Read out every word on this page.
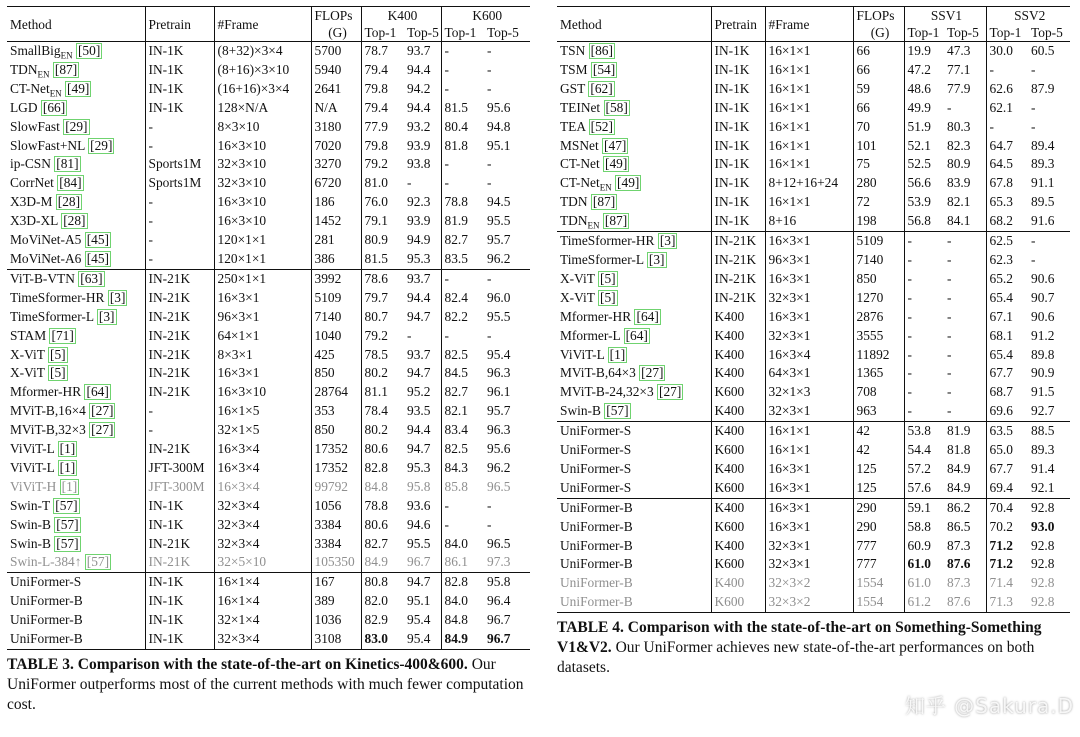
Method	Pretrain	#Frame	FLOPs	K400		K600	
			(G)	Top-1	Top-5	Top-1	Top-5
SmallBig$_{EN}$ [50]	IN-1K	(8+32)×3×4	5700	78.7	93.7	-	-
$TDN_{EN}$ [87]	IN-1K	(8+16)×3×10	5940	79.4	94.4	-	-
CT-Net$_{EN}$ [49]	IN-1K	(16+16)×3×4	2641	79.8	94.2	-	-
LGD [66]	IN-1K	128×N/A	N/A	79.4	94.4	81.5	95.6
SlowFast [29]	-	8×3×10	3180	77.9	93.2	80.4	94.8
SlowFast+NL [29]	-	16×3×10	7020	79.8	93.9	81.8	95.1
ip-CSN [81]	Sports1M	32×3×10	3270	79.2	93.8	-	-
CorrNet [84]	Sports1M	32×3×10	6720	81.0	-	-	-
X3D-M [28]	-	16×3×10	186	76.0	92.3	78.8	94.5
X3D-XL [28]	-	16×3×10	1452	79.1	93.9	81.9	95.5
MoViNet-A5 [45]	-	120×1×1	281	80.9	94.9	82.7	95.7
MoViNet-A6 [45]	-	120×1×1	386	81.5	95.3	83.5	96.2
ViT-B-VTN [63]	IN-21K	250×1×1	3992	78.6	93.7	-	-
TimeSformer-HR [3]	IN-21K	16×3×1	5109	79.7	94.4	82.4	96.0
TimeSformer-L [3]	IN-21K	96×3×1	7140	80.7	94.7	82.2	95.5
STAM [71]	IN-21K	64×1×1	1040	79.2	-	-	-
X-ViT [5]	IN-21K	8×3×1	425	78.5	93.7	82.5	95.4
X-ViT [5]	IN-21K	16×3×1	850	80.2	94.7	84.5	96.3
Mformer-HR [64]	IN-21K	16×3×10	28764	81.1	95.2	82.7	96.1
MViT-B,16×4 [27]	-	16×1×5	353	78.4	93.5	82.1	95.7
MViT-B,32×3 [27]	-	32×1×5	850	80.2	94.4	83.4	96.3
ViViT-L [1]	IN-21K	16×3×4	17352	80.6	94.7	82.5	95.6
ViViT-L [1]	JFT-300M	16×3×4	17352	82.8	95.3	84.3	96.2
ViViT-H [1]	JFT-300M	16×3×4	99792	84.8	95.8	85.8	96.5
Swin-T [57]	IN-1K	32×3×4	1056	78.8	93.6	-	-
Swin-B [57]	IN-1K	32×3×4	3384	80.6	94.6	-	-
Swin-B [57]	IN-21K	32×3×4	3384	82.7	95.5	84.0	96.5
Swin-L-384↑ [57]	IN-21K	32×5×10	105350	84.9	96.7	86.1	97.3
UniFormer-S	IN-1K	16×1×4	167	80.8	94.7	82.8	95.8
UniFormer-B	IN-1K	16×1×4	389	82.0	95.1	84.0	96.4
UniFormer-B	IN-1K	32×1×4	1036	82.9	95.4	84.8	96.7
UniFormer-B	IN-1K	32×3×4	3108	83.0	95.4	84.9	96.7
TABLE 3. Comparison with the state-of-the-art on Kinetics-400&600. Our UniFormer outperforms most of the current methods with much fewer computation cost.
Method	Pretrain	#Frame	FLOPs	SSV1		SSV2	
			(G)	Top-1	Top-5	Top-1	Top-5
TSN [86]	IN-1K	16×1×1	66	19.9	47.3	30.0	60.5
TSM [54]	IN-1K	16×1×1	66	47.2	77.1	-	-
GST [62]	IN-1K	16×1×1	59	48.6	77.9	62.6	87.9
TEINet [58]	IN-1K	16×1×1	66	49.9	-	62.1	-
TEA [52]	IN-1K	16×1×1	70	51.9	80.3	-	-
MSNet [47]	IN-1K	16×1×1	101	52.1	82.3	64.7	89.4
CT-Net [49]	IN-1K	16×1×1	75	52.5	80.9	64.5	89.3
CT-Net$_{EN}$ [49]	IN-1K	8+12+16+24	280	56.6	83.9	67.8	91.1
TDN [87]	IN-1K	16×1×1	72	53.9	82.1	65.3	89.5
$TDN_{EN}$ [87]	IN-1K	8+16	198	56.8	84.1	68.2	91.6
TimeSformer-HR [3]	IN-21K	16×3×1	5109	-	-	62.5	-
TimeSformer-L [3]	IN-21K	96×3×1	7140	-	-	62.3	-
X-ViT [5]	IN-21K	16×3×1	850	-	-	65.2	90.6
X-ViT [5]	IN-21K	32×3×1	1270	-	-	65.4	90.7
Mformer-HR [64]	K400	16×3×1	2876	-	-	67.1	90.6
Mformer-L [64]	K400	32×3×1	3555	-	-	68.1	91.2
ViViT-L [1]	K400	16×3×4	11892	-	-	65.4	89.8
MViT-B,64×3 [27]	K400	64×3×1	1365	-	-	67.7	90.9
MViT-B-24,32×3 [27]	K600	32×1×3	708	-	-	68.7	91.5
Swin-B [57]	K400	32×3×1	963	-	-	69.6	92.7
UniFormer-S	K400	16×1×1	42	53.8	81.9	63.5	88.5
UniFormer-S	K600	16×1×1	42	54.4	81.8	65.0	89.3
UniFormer-S	K400	16×3×1	125	57.2	84.9	67.7	91.4
UniFormer-S	K600	16×3×1	125	57.6	84.9	69.4	92.1
UniFormer-B	K400	16×3×1	290	59.1	86.2	70.4	92.8
UniFormer-B	K600	16×3×1	290	58.8	86.5	70.2	93.0
UniFormer-B	K400	32×3×1	777	60.9	87.3	71.2	92.8
UniFormer-B	K600	32×3×1	777	61.0	87.6	71.2	92.8
UniFormer-B	K400	32×3×2	1554	61.0	87.3	71.4	92.8
UniFormer-B	K600	32×3×2	1554	61.2	87.6	71.3	92.8
TABLE 4. Comparison with the state-of-the-art on Something-Something V1&V2. Our UniFormer achieves new state-of-the-art performances on both datasets.
知乎 @Sakura.D
